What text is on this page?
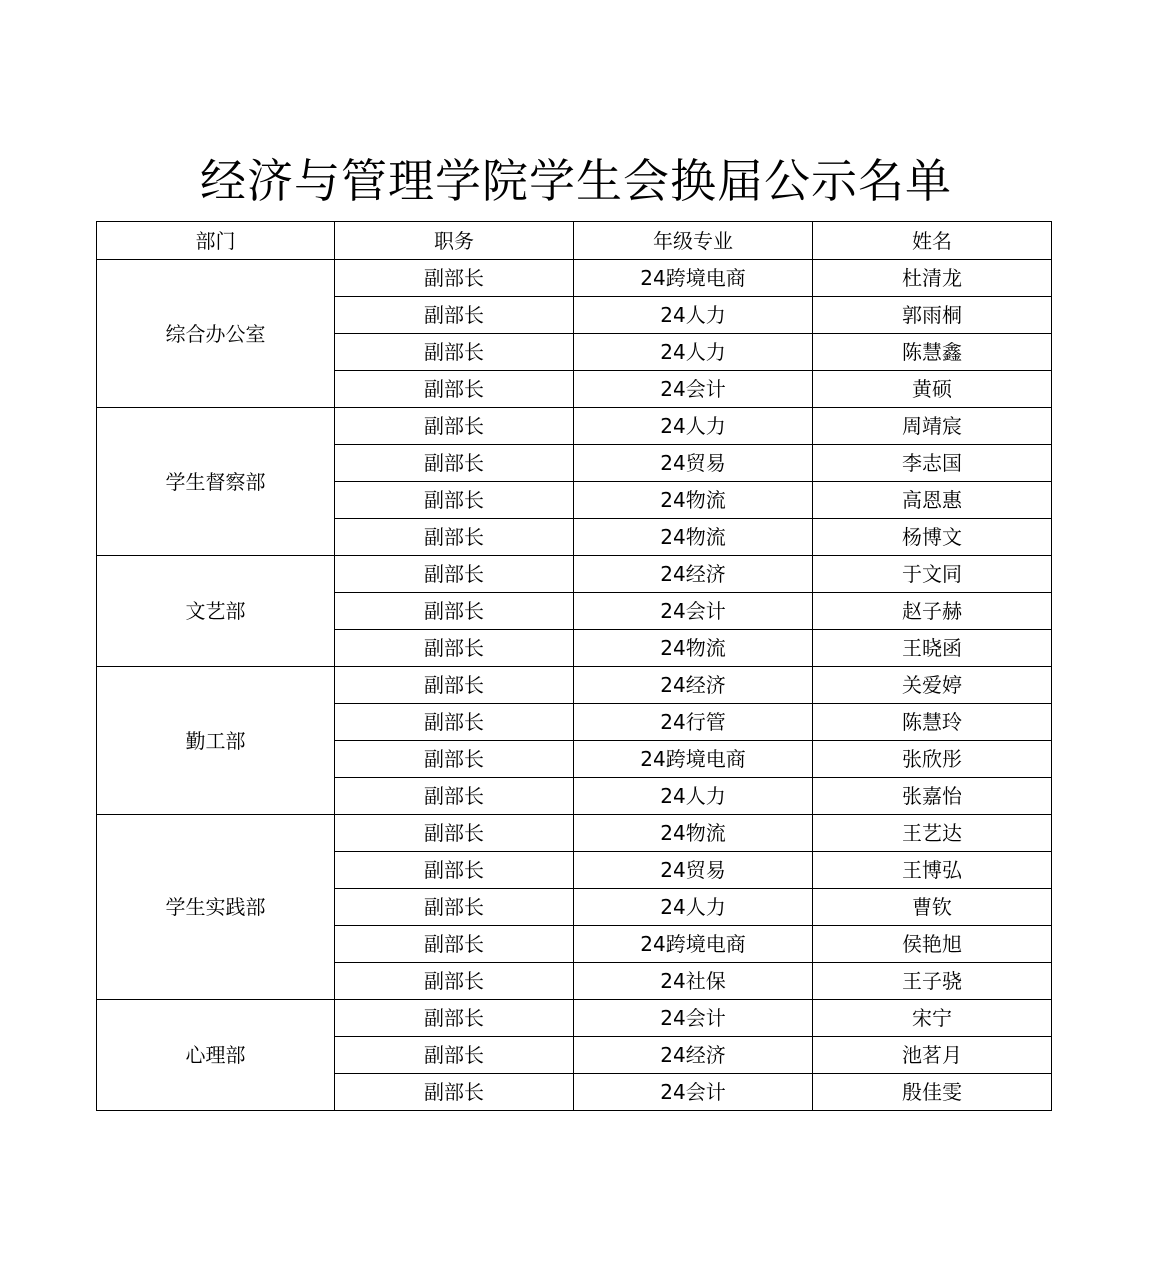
经济与管理学院学生会换届公示名单
部门	职务	年级专业	姓名
综合办公室	副部长	24跨境电商	杜清龙
	副部长	24人力	郭雨桐
	副部长	24人力	陈慧鑫
	副部长	24会计	黄硕
学生督察部	副部长	24人力	周靖宸
	副部长	24贸易	李志国
	副部长	24物流	高恩惠
	副部长	24物流	杨博文
文艺部	副部长	24经济	于文同
	副部长	24会计	赵子赫
	副部长	24物流	王晓函
勤工部	副部长	24经济	关爱婷
	副部长	24行管	陈慧玲
	副部长	24跨境电商	张欣彤
	副部长	24人力	张嘉怡
学生实践部	副部长	24物流	王艺达
	副部长	24贸易	王博弘
	副部长	24人力	曹钦
	副部长	24跨境电商	侯艳旭
	副部长	24社保	王子骁
心理部	副部长	24会计	宋宁
	副部长	24经济	池茗月
	副部长	24会计	殷佳雯
